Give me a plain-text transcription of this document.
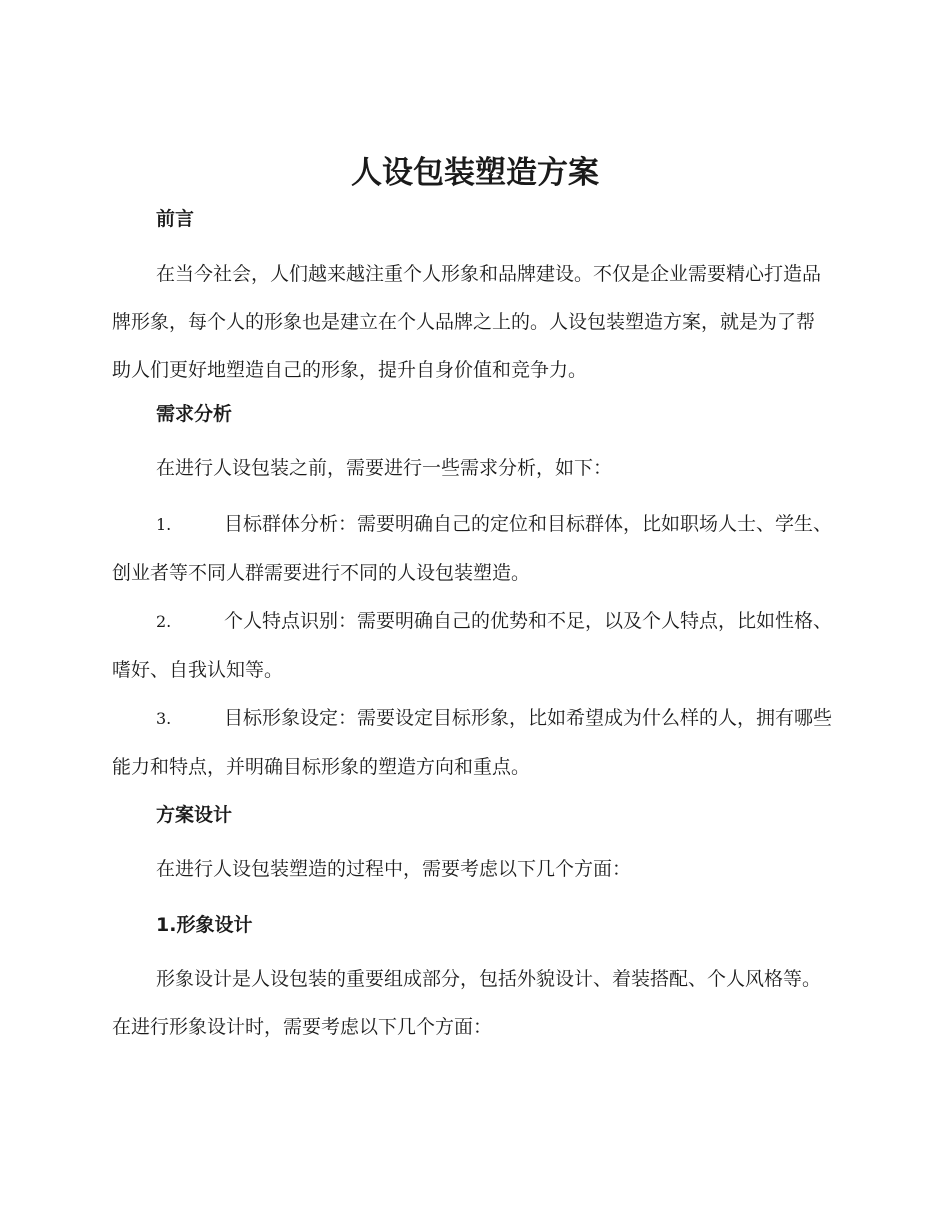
人设包装塑造方案
前言

在当今社会，人们越来越注重个人形象和品牌建设。不仅是企业需要精心打造品牌形象，每个人的形象也是建立在个人品牌之上的。人设包装塑造方案，就是为了帮助人们更好地塑造自己的形象，提升自身价值和竞争力。

需求分析

在进行人设包装之前，需要进行一些需求分析，如下：

1.	目标群体分析：需要明确自己的定位和目标群体，比如职场人士、学生、创业者等不同人群需要进行不同的人设包装塑造。

2.	个人特点识别：需要明确自己的优势和不足，以及个人特点，比如性格、嗜好、自我认知等。

3.	目标形象设定：需要设定目标形象，比如希望成为什么样的人，拥有哪些能力和特点，并明确目标形象的塑造方向和重点。

方案设计

在进行人设包装塑造的过程中，需要考虑以下几个方面：

1.形象设计

形象设计是人设包装的重要组成部分，包括外貌设计、着装搭配、个人风格等。在进行形象设计时，需要考虑以下几个方面：
